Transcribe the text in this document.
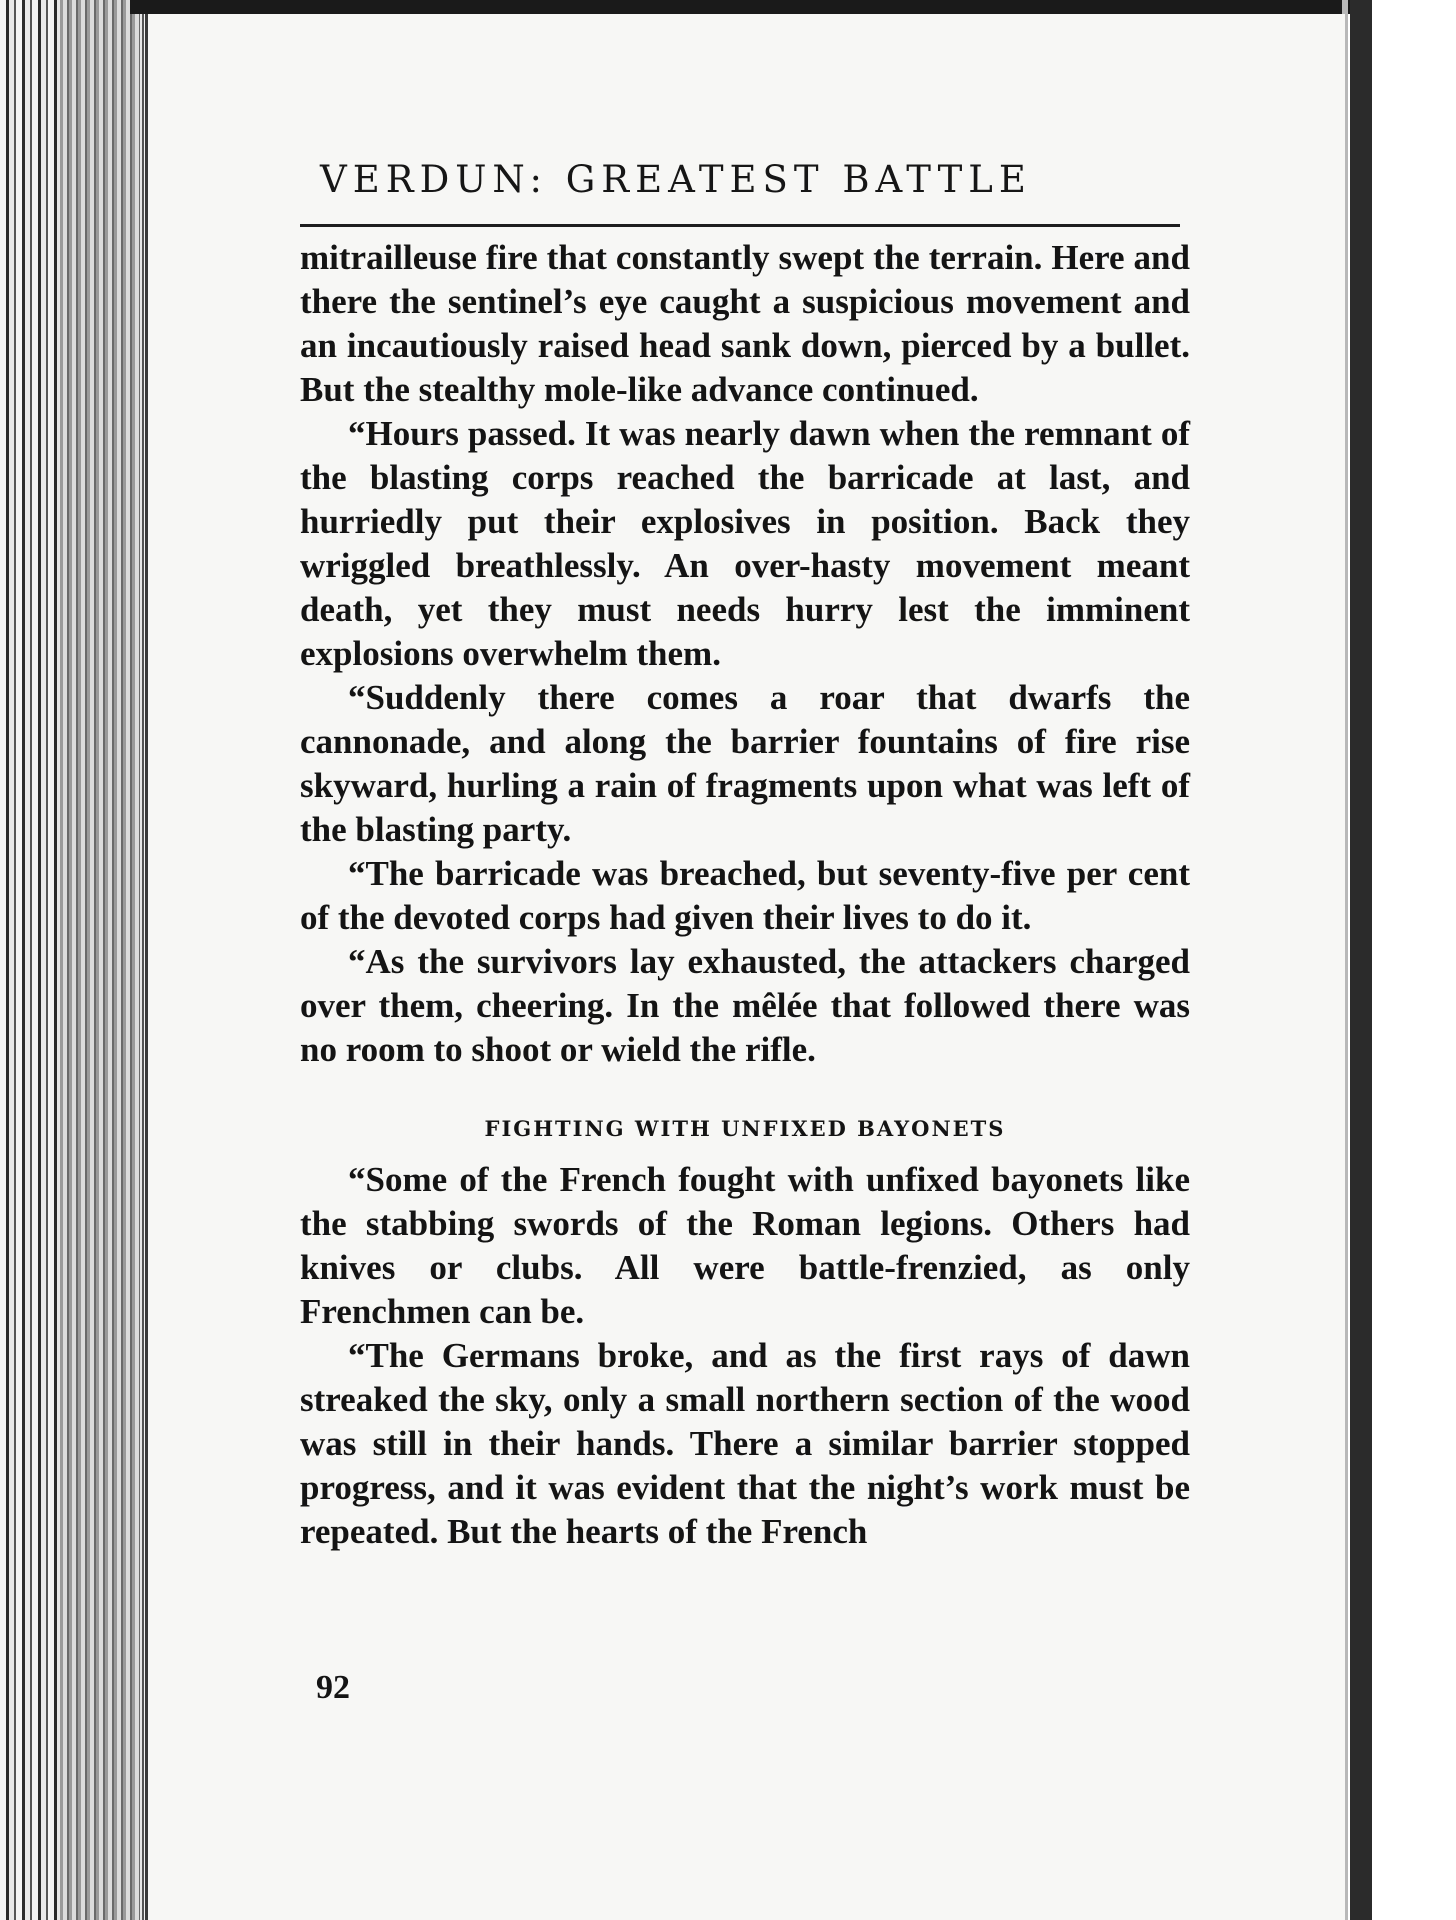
VERDUN: GREATEST BATTLE

mitrailleuse fire that constantly swept the terrain. Here and there the sentinel’s eye caught a suspicious movement and an incautiously raised head sank down, pierced by a bullet. But the stealthy mole-like advance continued.

“Hours passed. It was nearly dawn when the remnant of the blasting corps reached the barricade at last, and hurriedly put their explosives in position. Back they wriggled breathlessly. An over-hasty movement meant death, yet they must needs hurry lest the imminent explosions overwhelm them.

“Suddenly there comes a roar that dwarfs the cannonade, and along the barrier fountains of fire rise skyward, hurling a rain of fragments upon what was left of the blasting party.

“The barricade was breached, but seventy-five per cent of the devoted corps had given their lives to do it.

“As the survivors lay exhausted, the attackers charged over them, cheering. In the mêlée that followed there was no room to shoot or wield the rifle.

FIGHTING WITH UNFIXED BAYONETS

“Some of the French fought with unfixed bayonets like the stabbing swords of the Roman legions. Others had knives or clubs. All were battle-frenzied, as only Frenchmen can be.

“The Germans broke, and as the first rays of dawn streaked the sky, only a small northern section of the wood was still in their hands. There a similar barrier stopped progress, and it was evident that the night’s work must be repeated. But the hearts of the French

92
